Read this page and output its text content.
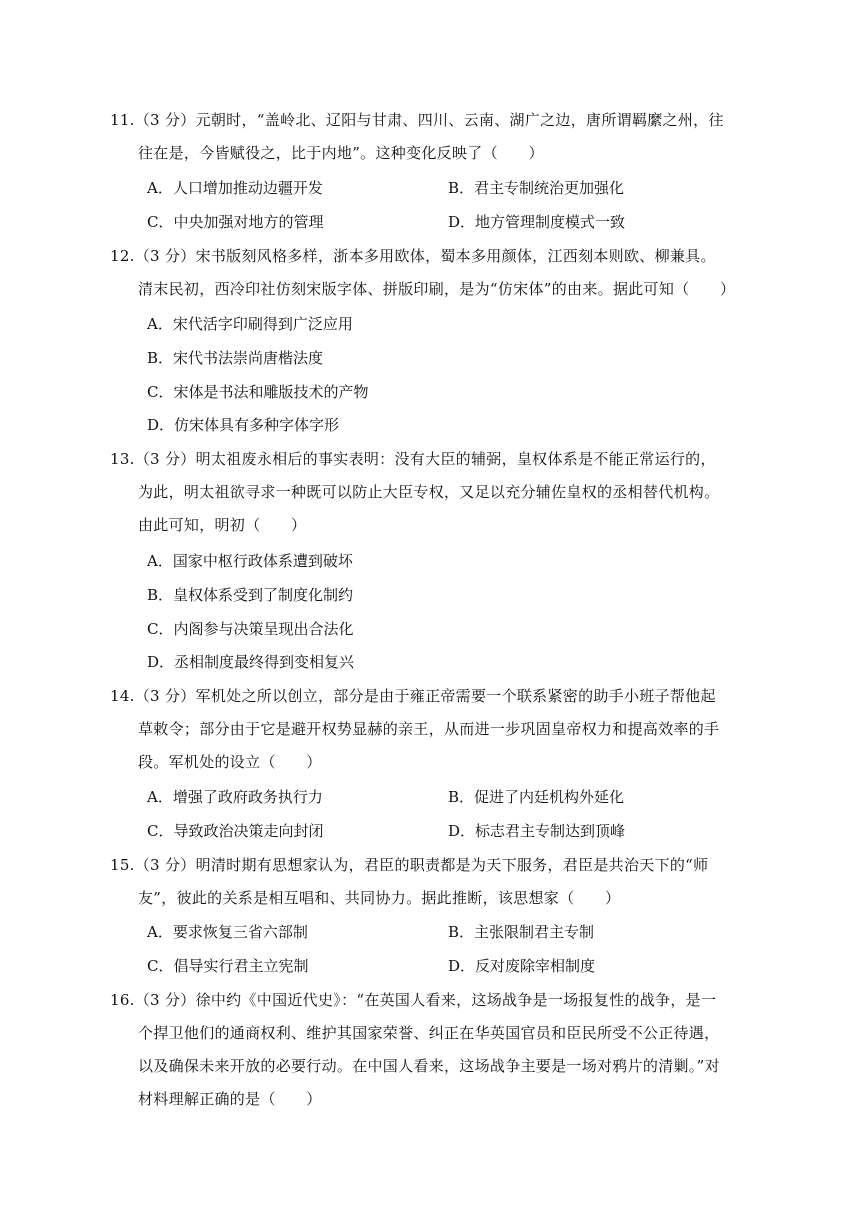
11.（3 分）元朝时，“盖岭北、辽阳与甘肃、四川、云南、湖广之边，唐所谓羁縻之州，往
往在是，今皆赋役之，比于内地”。这种变化反映了（　　）
A．人口增加推动边疆开发	B．君主专制统治更加强化
C．中央加强对地方的管理	D．地方管理制度模式一致
12.（3 分）宋书版刻风格多样，浙本多用欧体，蜀本多用颜体，江西刻本则欧、柳兼具。
清末民初，西冷印社仿刻宋版字体、拼版印刷，是为“仿宋体”的由来。据此可知（　　）
A．宋代活字印刷得到广泛应用
B．宋代书法崇尚唐楷法度
C．宋体是书法和雕版技术的产物
D．仿宋体具有多种字体字形
13.（3 分）明太祖废永相后的事实表明：没有大臣的辅弼，皇权体系是不能正常运行的，
为此，明太祖欲寻求一种既可以防止大臣专权，又足以充分辅佐皇权的丞相替代机构。
由此可知，明初（　　）
A．国家中枢行政体系遭到破坏
B．皇权体系受到了制度化制约
C．内阁参与决策呈现出合法化
D．丞相制度最终得到变相复兴
14.（3 分）军机处之所以创立，部分是由于雍正帝需要一个联系紧密的助手小班子帮他起
草敕令；部分由于它是避开权势显赫的亲王，从而进一步巩固皇帝权力和提高效率的手
段。军机处的设立（　　）
A．增强了政府政务执行力	B．促进了内廷机构外延化
C．导致政治决策走向封闭	D．标志君主专制达到顶峰
15.（3 分）明清时期有思想家认为，君臣的职责都是为天下服务，君臣是共治天下的“师
友”，彼此的关系是相互唱和、共同协力。据此推断，该思想家（　　）
A．要求恢复三省六部制	B．主张限制君主专制
C．倡导实行君主立宪制	D．反对废除宰相制度
16.（3 分）徐中约《中国近代史》：“在英国人看来，这场战争是一场报复性的战争，是一
个捍卫他们的通商权利、维护其国家荣誉、纠正在华英国官员和臣民所受不公正待遇，
以及确保未来开放的必要行动。在中国人看来，这场战争主要是一场对鸦片的清剿。”对
材料理解正确的是（　　）
